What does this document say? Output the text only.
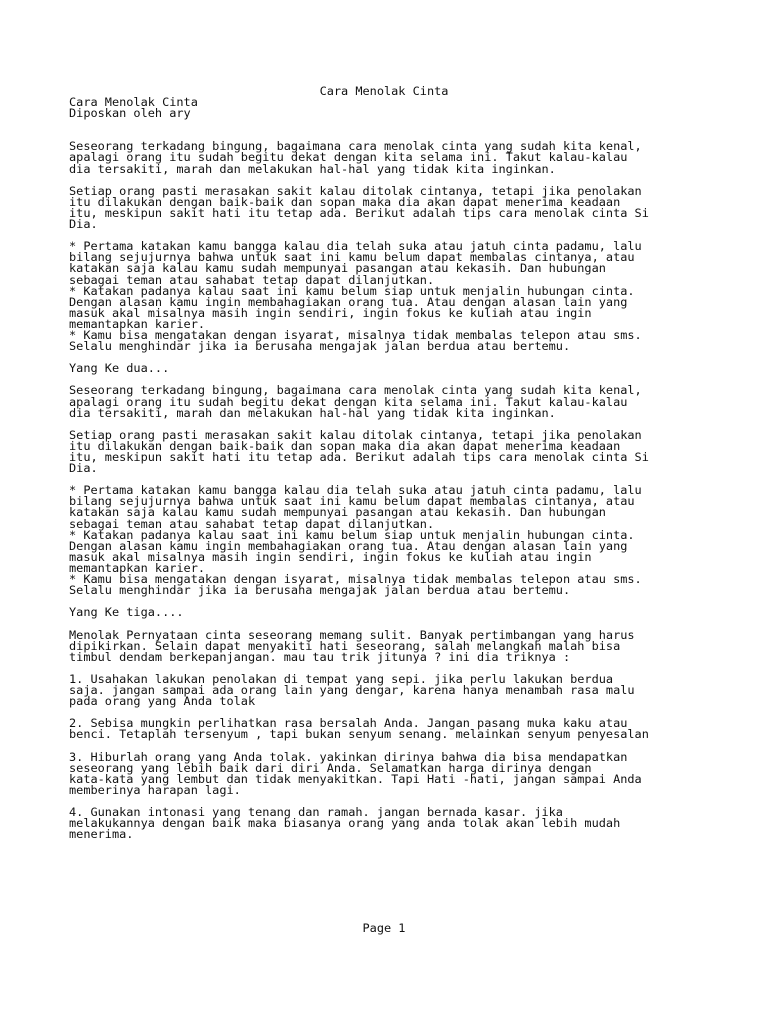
Cara Menolak Cinta
Cara Menolak Cinta
Diposkan oleh ary
Seseorang terkadang bingung, bagaimana cara menolak cinta yang sudah kita kenal,
apalagi orang itu sudah begitu dekat dengan kita selama ini. Takut kalau-kalau
dia tersakiti, marah dan melakukan hal-hal yang tidak kita inginkan.
Setiap orang pasti merasakan sakit kalau ditolak cintanya, tetapi jika penolakan
itu dilakukan dengan baik-baik dan sopan maka dia akan dapat menerima keadaan
itu, meskipun sakit hati itu tetap ada. Berikut adalah tips cara menolak cinta Si
Dia.
* Pertama katakan kamu bangga kalau dia telah suka atau jatuh cinta padamu, lalu
bilang sejujurnya bahwa untuk saat ini kamu belum dapat membalas cintanya, atau
katakan saja kalau kamu sudah mempunyai pasangan atau kekasih. Dan hubungan
sebagai teman atau sahabat tetap dapat dilanjutkan.
* Katakan padanya kalau saat ini kamu belum siap untuk menjalin hubungan cinta.
Dengan alasan kamu ingin membahagiakan orang tua. Atau dengan alasan lain yang
masuk akal misalnya masih ingin sendiri, ingin fokus ke kuliah atau ingin
memantapkan karier.
* Kamu bisa mengatakan dengan isyarat, misalnya tidak membalas telepon atau sms.
Selalu menghindar jika ia berusaha mengajak jalan berdua atau bertemu.
Yang Ke dua...
Seseorang terkadang bingung, bagaimana cara menolak cinta yang sudah kita kenal,
apalagi orang itu sudah begitu dekat dengan kita selama ini. Takut kalau-kalau
dia tersakiti, marah dan melakukan hal-hal yang tidak kita inginkan.
Setiap orang pasti merasakan sakit kalau ditolak cintanya, tetapi jika penolakan
itu dilakukan dengan baik-baik dan sopan maka dia akan dapat menerima keadaan
itu, meskipun sakit hati itu tetap ada. Berikut adalah tips cara menolak cinta Si
Dia.
* Pertama katakan kamu bangga kalau dia telah suka atau jatuh cinta padamu, lalu
bilang sejujurnya bahwa untuk saat ini kamu belum dapat membalas cintanya, atau
katakan saja kalau kamu sudah mempunyai pasangan atau kekasih. Dan hubungan
sebagai teman atau sahabat tetap dapat dilanjutkan.
* Katakan padanya kalau saat ini kamu belum siap untuk menjalin hubungan cinta.
Dengan alasan kamu ingin membahagiakan orang tua. Atau dengan alasan lain yang
masuk akal misalnya masih ingin sendiri, ingin fokus ke kuliah atau ingin
memantapkan karier.
* Kamu bisa mengatakan dengan isyarat, misalnya tidak membalas telepon atau sms.
Selalu menghindar jika ia berusaha mengajak jalan berdua atau bertemu.
Yang Ke tiga....
Menolak Pernyataan cinta seseorang memang sulit. Banyak pertimbangan yang harus
dipikirkan. Selain dapat menyakiti hati seseorang, salah melangkah malah bisa
timbul dendam berkepanjangan. mau tau trik jitunya ? ini dia triknya :
1. Usahakan lakukan penolakan di tempat yang sepi. jika perlu lakukan berdua
saja. jangan sampai ada orang lain yang dengar, karena hanya menambah rasa malu
pada orang yang Anda tolak
2. Sebisa mungkin perlihatkan rasa bersalah Anda. Jangan pasang muka kaku atau
benci. Tetaplah tersenyum , tapi bukan senyum senang. melainkan senyum penyesalan
3. Hiburlah orang yang Anda tolak. yakinkan dirinya bahwa dia bisa mendapatkan
seseorang yang lebih baik dari diri Anda. Selamatkan harga dirinya dengan
kata-kata yang lembut dan tidak menyakitkan. Tapi Hati -hati, jangan sampai Anda
memberinya harapan lagi.
4. Gunakan intonasi yang tenang dan ramah. jangan bernada kasar. jika
melakukannya dengan baik maka biasanya orang yang anda tolak akan lebih mudah
menerima.
Page 1
